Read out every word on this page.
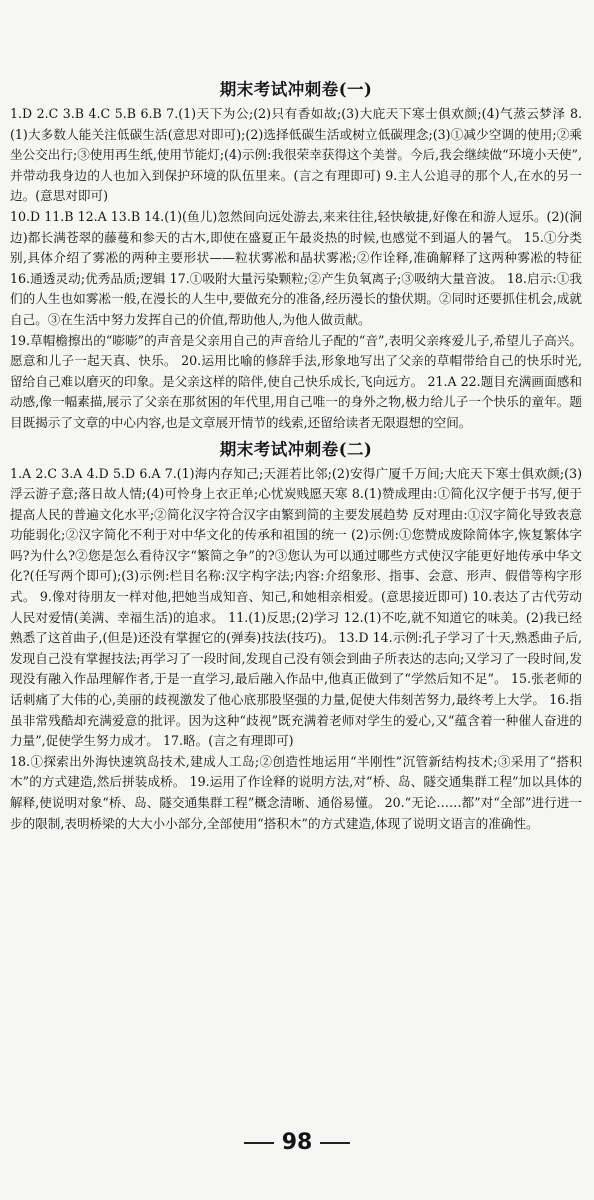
期末考试冲刺卷(一)

1.D 2.C 3.B 4.C 5.B 6.B 7.(1)天下为公;(2)只有香如故;(3)大庇天下寒士俱欢颜;(4)气蒸云梦泽 8.(1)大多数人能关注低碳生活(意思对即可);(2)选择低碳生活或树立低碳理念;(3)①减少空调的使用;②乘坐公交出行;③使用再生纸,使用节能灯;(4)示例:我很荣幸获得这个美誉。今后,我会继续做“环境小天使”,并带动我身边的人也加入到保护环境的队伍里来。(言之有理即可) 9.主人公追寻的那个人,在水的另一边。(意思对即可)

10.D 11.B 12.A 13.B 14.(1)(鱼儿)忽然间向远处游去,来来往往,轻快敏捷,好像在和游人逗乐。(2)(涧边)都长满苍翠的藤蔓和参天的古木,即使在盛夏正午最炎热的时候,也感觉不到逼人的暑气。 15.①分类别,具体介绍了雾凇的两种主要形状——粒状雾凇和晶状雾凇;②作诠释,准确解释了这两种雾凇的特征 16.通透灵动;优秀品质;逻辑 17.①吸附大量污染颗粒;②产生负氧离子;③吸纳大量音波。 18.启示:①我们的人生也如雾凇一般,在漫长的人生中,要做充分的准备,经历漫长的蛰伏期。②同时还要抓住机会,成就自己。③在生活中努力发挥自己的价值,帮助他人,为他人做贡献。

19.草帽檐擦出的“嘭嘭”的声音是父亲用自己的声音给儿子配的“音”,表明父亲疼爱儿子,希望儿子高兴。愿意和儿子一起天真、快乐。 20.运用比喻的修辞手法,形象地写出了父亲的草帽带给自己的快乐时光,留给自己难以磨灭的印象。是父亲这样的陪伴,使自己快乐成长,飞向远方。 21.A 22.题目充满画面感和动感,像一幅素描,展示了父亲在那贫困的年代里,用自己唯一的身外之物,极力给儿子一个快乐的童年。题目既揭示了文章的中心内容,也是文章展开情节的线索,还留给读者无限遐想的空间。

期末考试冲刺卷(二)

1.A 2.C 3.A 4.D 5.D 6.A 7.(1)海内存知己;天涯若比邻;(2)安得广厦千万间;大庇天下寒士俱欢颜;(3)浮云游子意;落日故人情;(4)可怜身上衣正单;心忧炭贱愿天寒 8.(1)赞成理由:①简化汉字便于书写,便于提高人民的普遍文化水平;②简化汉字符合汉字由繁到简的主要发展趋势 反对理由:①汉字简化导致表意功能弱化;②汉字简化不利于对中华文化的传承和祖国的统一 (2)示例:①您赞成废除简体字,恢复繁体字吗?为什么?②您是怎么看待汉字“繁简之争”的?③您认为可以通过哪些方式使汉字能更好地传承中华文化?(任写两个即可);(3)示例:栏目名称:汉字构字法;内容:介绍象形、指事、会意、形声、假借等构字形式。 9.像对待朋友一样对他,把她当成知音、知己,和她相亲相爱。(意思接近即可) 10.表达了古代劳动人民对爱情(美满、幸福生活)的追求。 11.(1)反思;(2)学习 12.(1)不吃,就不知道它的味美。(2)我已经熟悉了这首曲子,(但是)还没有掌握它的(弹奏)技法(技巧)。 13.D 14.示例:孔子学习了十天,熟悉曲子后,发现自己没有掌握技法;再学习了一段时间,发现自己没有领会到曲子所表达的志向;又学习了一段时间,发现没有融入作品理解作者,于是一直学习,最后融入作品中,他真正做到了“学然后知不足”。 15.张老师的话刺痛了大伟的心,美丽的歧视激发了他心底那股坚强的力量,促使大伟刻苦努力,最终考上大学。 16.指虽非常残酷却充满爱意的批评。因为这种“歧视”既充满着老师对学生的爱心,又“蕴含着一种催人奋进的力量”,促使学生努力成才。 17.略。(言之有理即可)

18.①探索出外海快速筑岛技术,建成人工岛;②创造性地运用“半刚性”沉管新结构技术;③采用了“搭积木”的方式建造,然后拼装成桥。 19.运用了作诠释的说明方法,对“桥、岛、隧交通集群工程”加以具体的解释,使说明对象“桥、岛、隧交通集群工程”概念清晰、通俗易懂。 20.“无论……都”对“全部”进行进一步的限制,表明桥梁的大大小小部分,全部使用“搭积木”的方式建造,体现了说明文语言的准确性。

98
